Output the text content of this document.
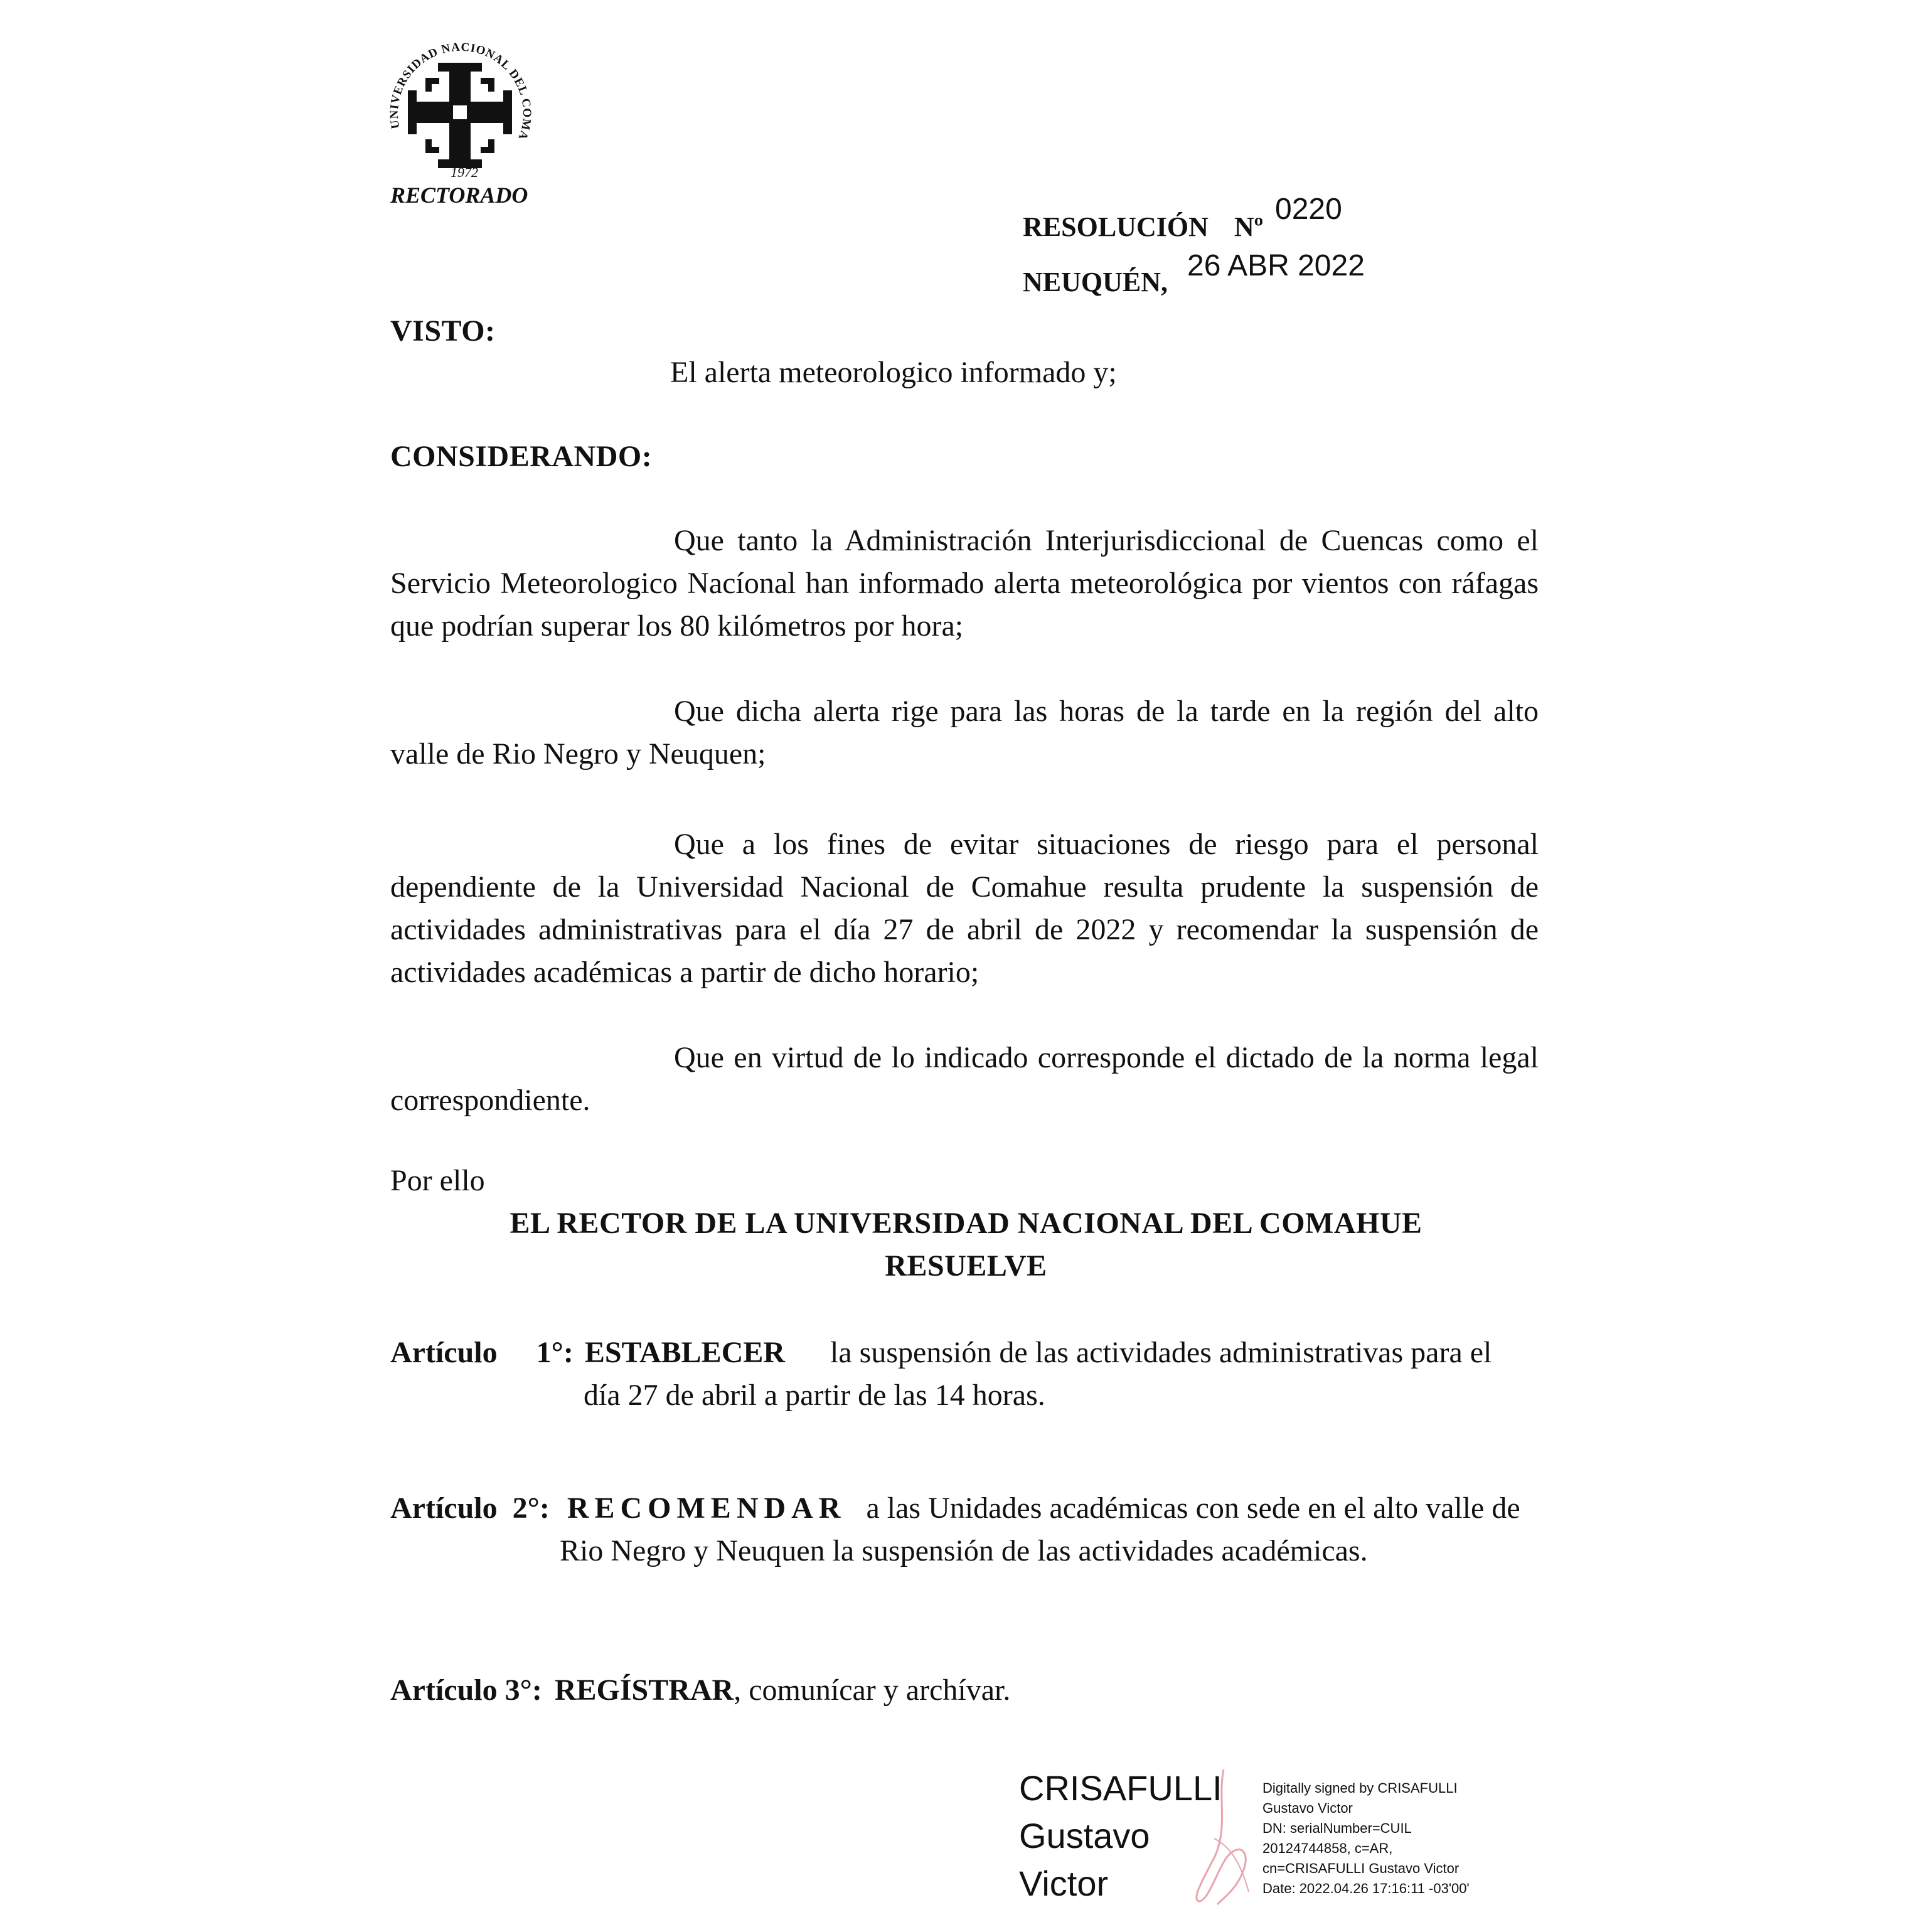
UNIVERSIDAD NACIONAL DEL COMA
1972
RECTORADO
RESOLUCIÓN Nº
0220
NEUQUÉN, 26 ABR 2022
VISTO:
El alerta meteorologico informado y;
CONSIDERANDO:

Que tanto la Administración Interjurisdiccional de Cuencas como el Servicio Meteorologico Nacíonal han informado alerta meteorológica por vientos con ráfagas que podrían superar los 80 kilómetros por hora;

Que dicha alerta rige para las horas de la tarde en la región del alto valle de Rio Negro y Neuquen;

Que a los fines de evitar situaciones de riesgo para el personal dependiente de la Universidad Nacional de Comahue resulta prudente la suspensión de actividades administrativas para el día 27 de abril de 2022 y recomendar la suspensión de actividades académicas a partir de dicho horario;

Que en virtud de lo indicado corresponde el dictado de la norma legal correspondiente.

Por ello
EL RECTOR DE LA UNIVERSIDAD NACIONAL DEL COMAHUE
RESUELVE
Artículo 1°: ESTABLECER la suspensión de las actividades administrativas para el
día 27 de abril a partir de las 14 horas.
Artículo  2°: RECOMENDAR a las Unidades académicas con sede en el alto valle de
Rio Negro y Neuquen la suspensión de las actividades académicas.
Artículo 3°: REGÍSTRAR, comunícar y archívar.
CRISAFULLI
Gustavo
Victor
Digitally signed by CRISAFULLI
Gustavo Victor
DN: serialNumber=CUIL
20124744858, c=AR,
cn=CRISAFULLI Gustavo Victor
Date: 2022.04.26 17:16:11 -03'00'
